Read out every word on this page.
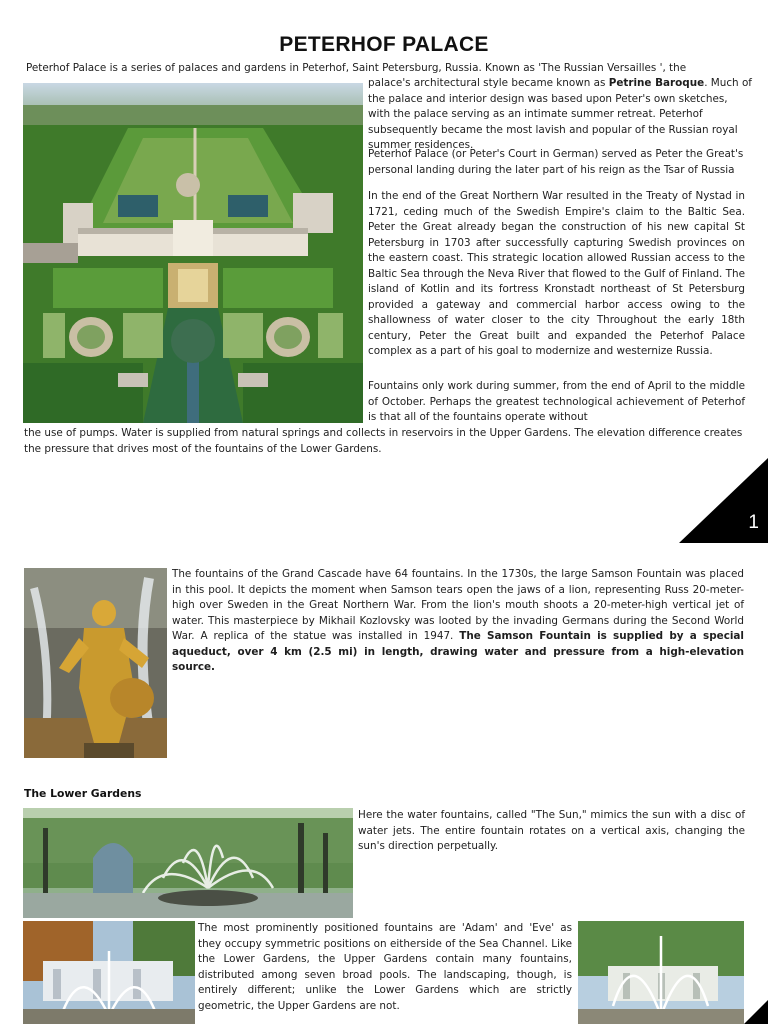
PETERHOF PALACE
Peterhof Palace is a series of palaces and gardens in Peterhof, Saint Petersburg, Russia. Known as 'The Russian Versailles ', the
palace's architectural style became known as Petrine Baroque. Much of the palace and interior design was based upon Peter's own sketches, with the palace serving as an intimate summer retreat. Peterhof subsequently became the most lavish and popular of the Russian royal summer residences.
Peterhof Palace (or Peter's Court in German) served as Peter the Great's personal landing during the later part of his reign as the Tsar of Russia
In the end of the Great Northern War resulted in the Treaty of Nystad in 1721, ceding much of the Swedish Empire's claim to the Baltic Sea. Peter the Great already began the construction of his new capital St Petersburg in 1703 after successfully capturing Swedish provinces on the eastern coast. This strategic location allowed Russian access to the Baltic Sea through the Neva River that flowed to the Gulf of Finland. The island of Kotlin and its fortress Kronstadt northeast of St Petersburg provided a gateway and commercial harbor access owing to the shallowness of water closer to the city Throughout the early 18th century, Peter the Great built and expanded the Peterhof Palace complex as a part of his goal to modernize and westernize Russia.
Fountains only work during summer, from the end of April to the middle of October. Perhaps the greatest technological achievement of Peterhof is that all of the fountains operate without
the use of pumps. Water is supplied from natural springs and collects in reservoirs in the Upper Gardens. The elevation difference creates the pressure that drives most of the fountains of the Lower Gardens.
1
The fountains of the Grand Cascade have 64 fountains. In the 1730s, the large Samson Fountain was placed in this pool. It depicts the moment when Samson tears open the jaws of a lion, representing Russ 20-meter-high over Sweden in the Great Northern War. From the lion's mouth shoots a 20-meter-high vertical jet of water. This masterpiece by Mikhail Kozlovsky was looted by the invading Germans during the Second World War. A replica of the statue was installed in 1947. The Samson Fountain is supplied by a special aqueduct, over 4 km (2.5 mi) in length, drawing water and pressure from a high-elevation source.
The Lower Gardens
Here the water fountains, called "The Sun," mimics the sun with a disc of water jets. The entire fountain rotates on a vertical axis, changing the sun's direction perpetually.
The most prominently positioned fountains are 'Adam' and 'Eve' as they occupy symmetric positions on eitherside of the Sea Channel. Like the Lower Gardens, the Upper Gardens contain many fountains, distributed among seven broad pools. The landscaping, though, is entirely different; unlike the Lower Gardens which are strictly geometric, the Upper Gardens are not.
